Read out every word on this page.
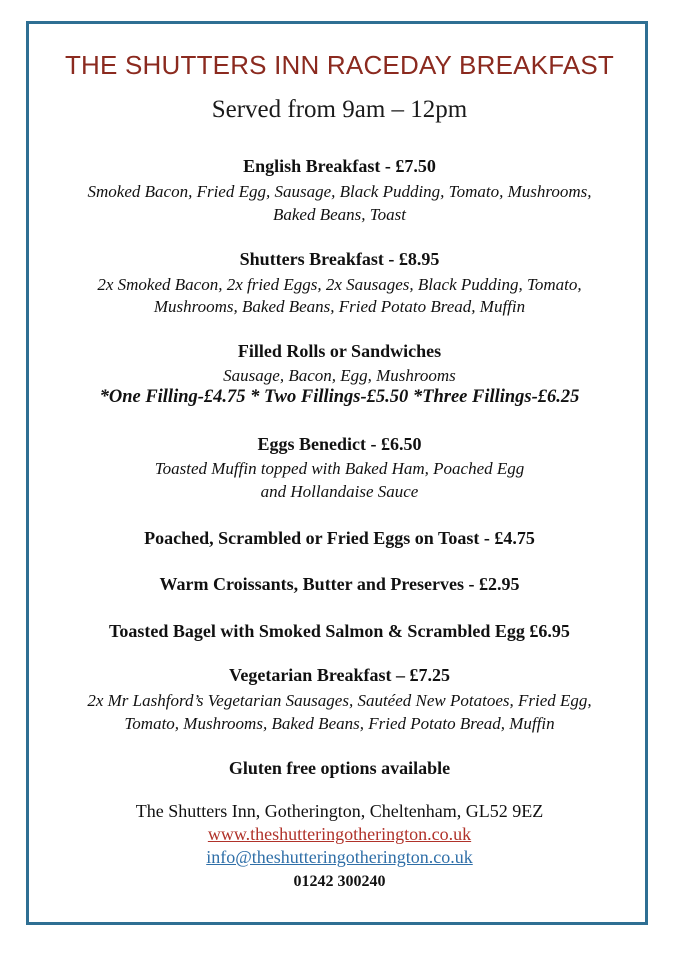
THE SHUTTERS INN RACEDAY BREAKFAST
Served from 9am – 12pm
English Breakfast - £7.50
Smoked Bacon, Fried Egg, Sausage, Black Pudding, Tomato, Mushrooms,
Baked Beans, Toast
Shutters Breakfast - £8.95
2x Smoked Bacon, 2x fried Eggs, 2x Sausages, Black Pudding, Tomato,
Mushrooms, Baked Beans, Fried Potato Bread, Muffin
Filled Rolls or Sandwiches
Sausage, Bacon, Egg, Mushrooms
*One Filling-£4.75 * Two Fillings-£5.50 *Three Fillings-£6.25
Eggs Benedict - £6.50
Toasted Muffin topped with Baked Ham, Poached Egg
and Hollandaise Sauce
Poached, Scrambled or Fried Eggs on Toast - £4.75
Warm Croissants, Butter and Preserves - £2.95
Toasted Bagel with Smoked Salmon & Scrambled Egg £6.95
Vegetarian Breakfast – £7.25
2x Mr Lashford’s Vegetarian Sausages, Sautéed New Potatoes, Fried Egg,
Tomato, Mushrooms, Baked Beans, Fried Potato Bread, Muffin
Gluten free options available
The Shutters Inn, Gotherington, Cheltenham, GL52 9EZ
www.theshutteringotherington.co.uk
info@theshutteringotherington.co.uk
01242 300240
